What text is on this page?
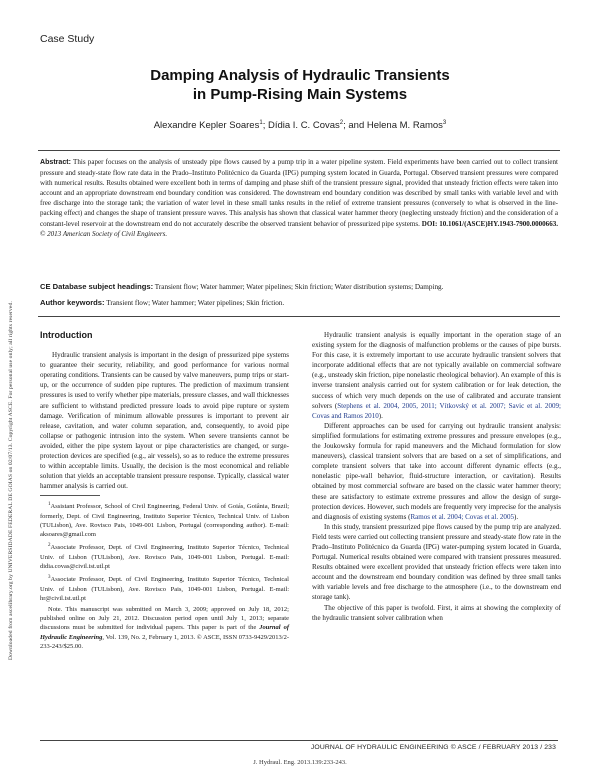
Downloaded from ascelibrary.org by UNIVERSIDADE FEDERAL DE GOIAS on 02/07/13. Copyright ASCE. For personal use only; all rights reserved.
Case Study
Damping Analysis of Hydraulic Transients
in Pump-Rising Main Systems
Alexandre Kepler Soares$^1$; Dídia I. C. Covas$^2$; and Helena M. Ramos$^3$
Abstract: This paper focuses on the analysis of unsteady pipe flows caused by a pump trip in a water pipeline system. Field experiments have been carried out to collect transient pressure and steady-state flow rate data in the Prado–Instituto Politécnico da Guarda (IPG) pumping system located in Guarda, Portugal. Observed transient pressures were compared with numerical results. Results obtained were excellent both in terms of damping and phase shift of the transient pressure signal, provided that unsteady friction effects were taken into account and an appropriate downstream end boundary condition was considered. The downstream end boundary condition was described by small tanks with variable level and with free discharge into the storage tank; the variation of water level in these small tanks results in the relief of extreme transient pressures (conversely to what is observed in the line-packing effect) and changes the shape of transient pressure waves. This analysis has shown that classical water hammer theory (neglecting unsteady friction) and the consideration of a constant-level reservoir at the downstream end do not accurately describe the observed transient behavior of pressurized pipe systems. DOI: 10.1061/(ASCE)HY.1943-7900.0000663. © 2013 American Society of Civil Engineers.
CE Database subject headings: Transient flow; Water hammer; Water pipelines; Skin friction; Water distribution systems; Damping.
Author keywords: Transient flow; Water hammer; Water pipelines; Skin friction.
Introduction

Hydraulic transient analysis is important in the design of pressurized pipe systems to guarantee their security, reliability, and good performance for various normal operating conditions. Transients can be caused by valve maneuvers, pump trips or start-up, or the occurrence of sudden pipe ruptures. The prediction of maximum transient pressures is used to verify whether pipe materials, pressure classes, and wall thicknesses are sufficient to withstand predicted pressure loads to avoid pipe rupture or system damage. Verification of minimum allowable pressures is important to prevent air release, cavitation, and water column separation, and, consequently, to avoid pipe collapse or pathogenic intrusion into the system. When severe transients cannot be avoided, either the pipe system layout or pipe characteristics are changed, or surge-protection devices are specified (e.g., air vessels), so as to reduce the extreme pressures to within acceptable limits. Usually, the decision is the most economical and reliable solution that yields an acceptable transient pressure response. Typically, classical water hammer analysis is carried out.

$^1$Assistant Professor, School of Civil Engineering, Federal Univ. of Goiás, Goiânia, Brazil; formerly, Dept. of Civil Engineering, Instituto Superior Técnico, Technical Univ. of Lisbon (TULisbon), Ave. Rovisco Pais, 1049-001 Lisbon, Portugal (corresponding author). E-mail: aksoares@gmail.com

$^2$Associate Professor, Dept. of Civil Engineering, Instituto Superior Técnico, Technical Univ. of Lisbon (TULisbon), Ave. Rovisco Pais, 1049-001 Lisbon, Portugal. E-mail: didia.covas@civil.ist.utl.pt

$^3$Associate Professor, Dept. of Civil Engineering, Instituto Superior Técnico, Technical Univ. of Lisbon (TULisbon), Ave. Rovisco Pais, 1049-001 Lisbon, Portugal. E-mail: hr@civil.ist.utl.pt

Note. This manuscript was submitted on March 3, 2009; approved on July 18, 2012; published online on July 21, 2012. Discussion period open until July 1, 2013; separate discussions must be submitted for individual papers. This paper is part of the Journal of Hydraulic Engineering, Vol. 139, No. 2, February 1, 2013. © ASCE, ISSN 0733-9429/2013/2-233-243/$25.00.

Hydraulic transient analysis is equally important in the operation stage of an existing system for the diagnosis of malfunction problems or the causes of pipe bursts. For this case, it is extremely important to use accurate hydraulic transient solvers that incorporate additional effects that are not typically available on commercial software (e.g., unsteady skin friction, pipe nonelastic rheological behavior). An example of this is inverse transient analysis carried out for system calibration or for leak detection, the success of which very much depends on the use of calibrated and accurate transient solvers (Stephens et al. 2004, 2005, 2011; Vítkovský et al. 2007; Savic et al. 2009; Covas and Ramos 2010).

Different approaches can be used for carrying out hydraulic transient analysis: simplified formulations for estimating extreme pressures and pressure envelopes (e.g., the Joukowsky formula for rapid maneuvers and the Michaud formulation for slow maneuvers), classical transient solvers that are based on a set of simplifications, and complete transient solvers that take into account different dynamic effects (e.g., nonelastic pipe-wall behavior, fluid-structure interaction, or cavitation). Results obtained by most commercial software are based on the classic water hammer theory; these are satisfactory to estimate extreme pressures and allow the design of surge-protection devices. However, such models are frequently very imprecise for the analysis and diagnosis of existing systems (Ramos et al. 2004; Covas et al. 2005).

In this study, transient pressurized pipe flows caused by the pump trip are analyzed. Field tests were carried out collecting transient pressure and steady-state flow rate in the Prado–Instituto Politécnico da Guarda (IPG) water-pumping system located in Guarda, Portugal. Numerical results obtained were compared with transient pressures measured. Results obtained were excellent provided that unsteady friction effects were taken into account and the downstream end boundary condition was defined by three small tanks with variable levels and free discharge to the atmosphere (i.e., to the downstream end storage tank).

The objective of this paper is twofold. First, it aims at showing the complexity of the hydraulic transient solver calibration when

JOURNAL OF HYDRAULIC ENGINEERING © ASCE / FEBRUARY 2013 / 233
J. Hydraul. Eng. 2013.139:233-243.
